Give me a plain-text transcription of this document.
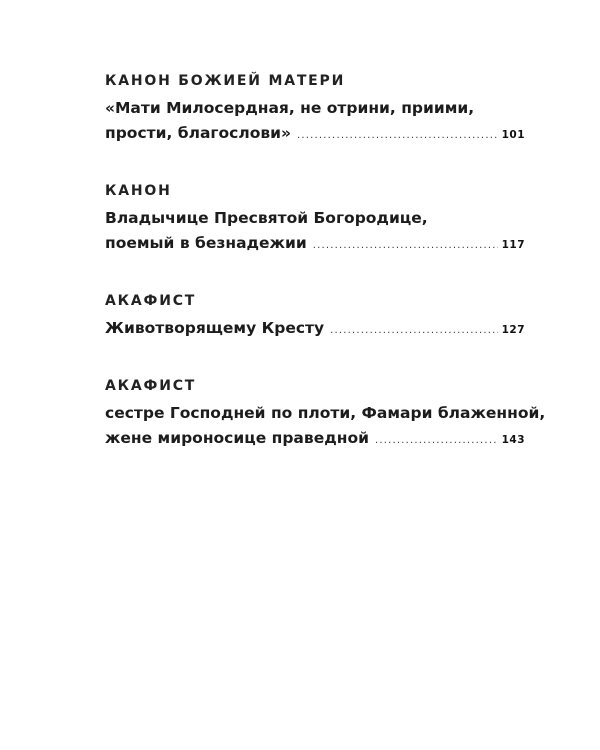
КАНОН БОЖИЕЙ МАТЕРИ
«Мати Милосердная, не отрини, приими,
прости, благослови» .....	101
КАНОН
Владычице Пресвятой Богородице,
поемый в безнадежии .....	117
АКАФИСТ
Животворящему Кресту .....	127
АКАФИСТ
сестре Господней по плоти, Фамари блаженной,
жене мироносице праведной .....	143
